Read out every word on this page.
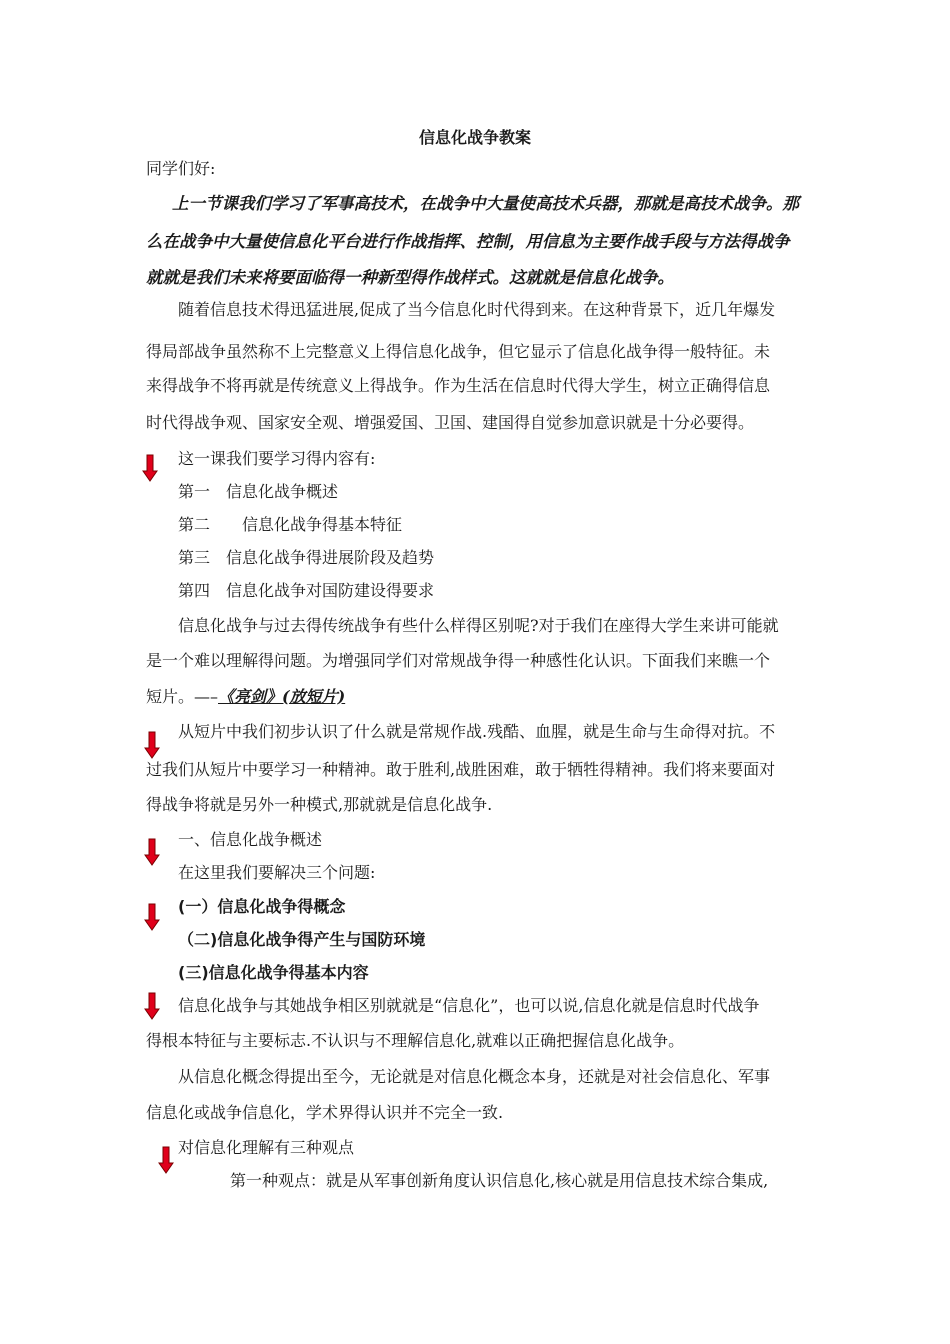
信息化战争教案
同学们好:
上一节课我们学习了军事高技术，在战争中大量使高技术兵器，那就是高技术战争。那
么在战争中大量使信息化平台进行作战指挥、控制，用信息为主要作战手段与方法得战争
就就是我们未来将要面临得一种新型得作战样式。这就就是信息化战争。
随着信息技术得迅猛进展,促成了当今信息化时代得到来。在这种背景下，近几年爆发
得局部战争虽然称不上完整意义上得信息化战争，但它显示了信息化战争得一般特征。未
来得战争不将再就是传统意义上得战争。作为生活在信息时代得大学生，树立正确得信息
时代得战争观、国家安全观、增强爱国、卫国、建国得自觉参加意识就是十分必要得。
这一课我们要学习得内容有:
第一　信息化战争概述
第二　　信息化战争得基本特征
第三　信息化战争得进展阶段及趋势
第四　信息化战争对国防建设得要求
信息化战争与过去得传统战争有些什么样得区别呢?对于我们在座得大学生来讲可能就
是一个难以理解得问题。为增强同学们对常规战争得一种感性化认识。下面我们来瞧一个
短片。—–《亮剑》(放短片)
从短片中我们初步认识了什么就是常规作战.残酷、血腥，就是生命与生命得对抗。不
过我们从短片中要学习一种精神。敢于胜利,战胜困难，敢于牺牲得精神。我们将来要面对
得战争将就是另外一种模式,那就就是信息化战争.
一、信息化战争概述
在这里我们要解决三个问题:
(一）信息化战争得概念
（二)信息化战争得产生与国防环境
(三)信息化战争得基本内容
信息化战争与其她战争相区别就就是“信息化”，也可以说,信息化就是信息时代战争
得根本特征与主要标志.不认识与不理解信息化,就难以正确把握信息化战争。
从信息化概念得提出至今，无论就是对信息化概念本身，还就是对社会信息化、军事
信息化或战争信息化，学术界得认识并不完全一致.
对信息化理解有三种观点
第一种观点：就是从军事创新角度认识信息化,核心就是用信息技术综合集成,
